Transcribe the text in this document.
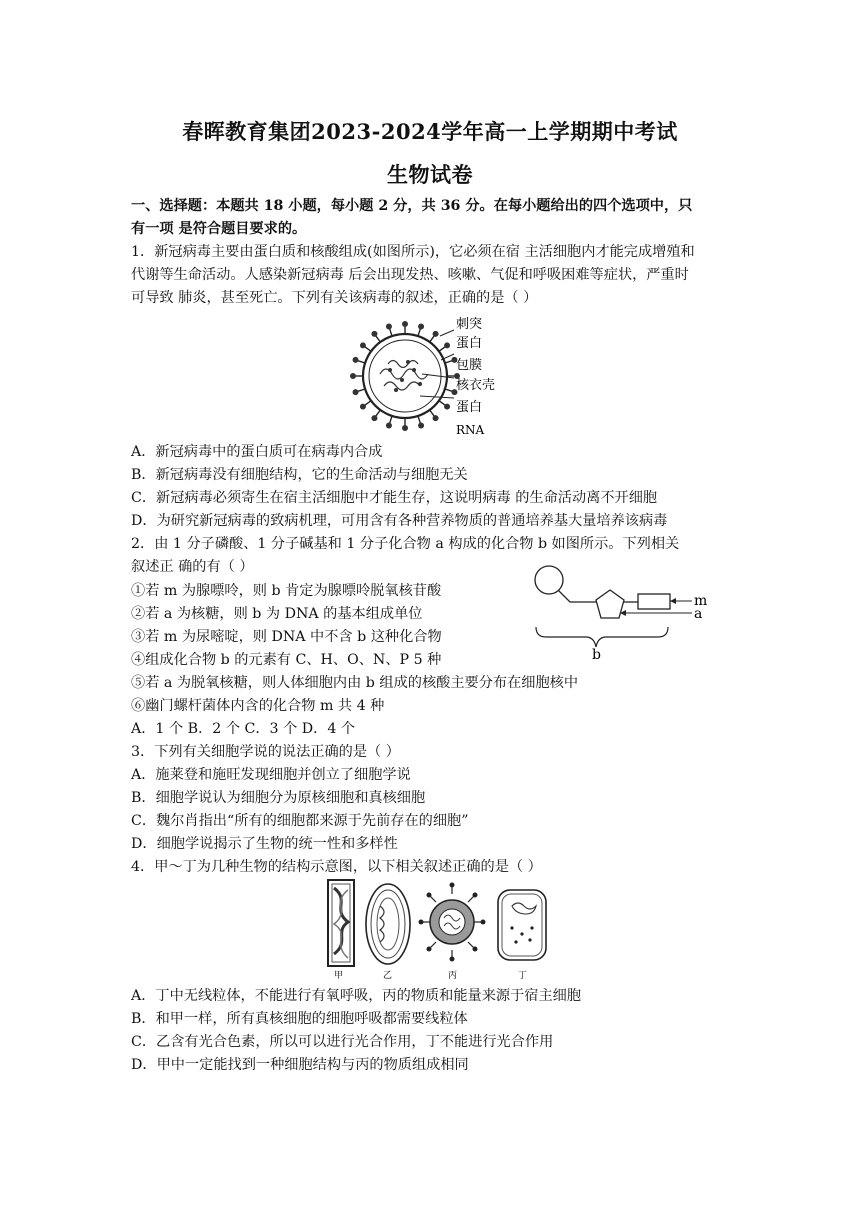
春晖教育集团2023-2024学年高一上学期期中考试
生物试卷
一、选择题：本题共 18 小题，每小题 2 分，共 36 分。在每小题给出的四个选项中，只
有一项 是符合题目要求的。
1．新冠病毒主要由蛋白质和核酸组成(如图所示)，它必须在宿 主活细胞内才能完成增殖和
代谢等生命活动。人感染新冠病毒 后会出现发热、咳嗽、气促和呼吸困难等症状，严重时
可导致 肺炎，甚至死亡。下列有关该病毒的叙述，正确的是（ ）
刺突
蛋白
包膜
核衣壳
蛋白
RNA
A．新冠病毒中的蛋白质可在病毒内合成
B．新冠病毒没有细胞结构，它的生命活动与细胞无关
C．新冠病毒必须寄生在宿主活细胞中才能生存，这说明病毒 的生命活动离不开细胞
D．为研究新冠病毒的致病机理，可用含有各种营养物质的普通培养基大量培养该病毒
2．由 1 分子磷酸、1 分子碱基和 1 分子化合物 a 构成的化合物 b 如图所示。下列相关
叙述正 确的有（ ）
①若 m 为腺嘌呤，则 b 肯定为腺嘌呤脱氧核苷酸
②若 a 为核糖，则 b 为 DNA 的基本组成单位
③若 m 为尿嘧啶，则 DNA 中不含 b 这种化合物
④组成化合物 b 的元素有 C、H、O、N、P 5 种
⑤若 a 为脱氧核糖，则人体细胞内由 b 组成的核酸主要分布在细胞核中
⑥幽门螺杆菌体内含的化合物 m 共 4 种
A．1 个 B．2 个 C．3 个 D．4 个
m
a
b
3．下列有关细胞学说的说法正确的是（ ）
A．施莱登和施旺发现细胞并创立了细胞学说
B．细胞学说认为细胞分为原核细胞和真核细胞
C．魏尔肖指出“所有的细胞都来源于先前存在的细胞”
D．细胞学说揭示了生物的统一性和多样性
4．甲～丁为几种生物的结构示意图，以下相关叙述正确的是（ ）
甲	乙	丙	丁
A．丁中无线粒体，不能进行有氧呼吸，丙的物质和能量来源于宿主细胞
B．和甲一样，所有真核细胞的细胞呼吸都需要线粒体
C．乙含有光合色素，所以可以进行光合作用，丁不能进行光合作用
D．甲中一定能找到一种细胞结构与丙的物质组成相同
